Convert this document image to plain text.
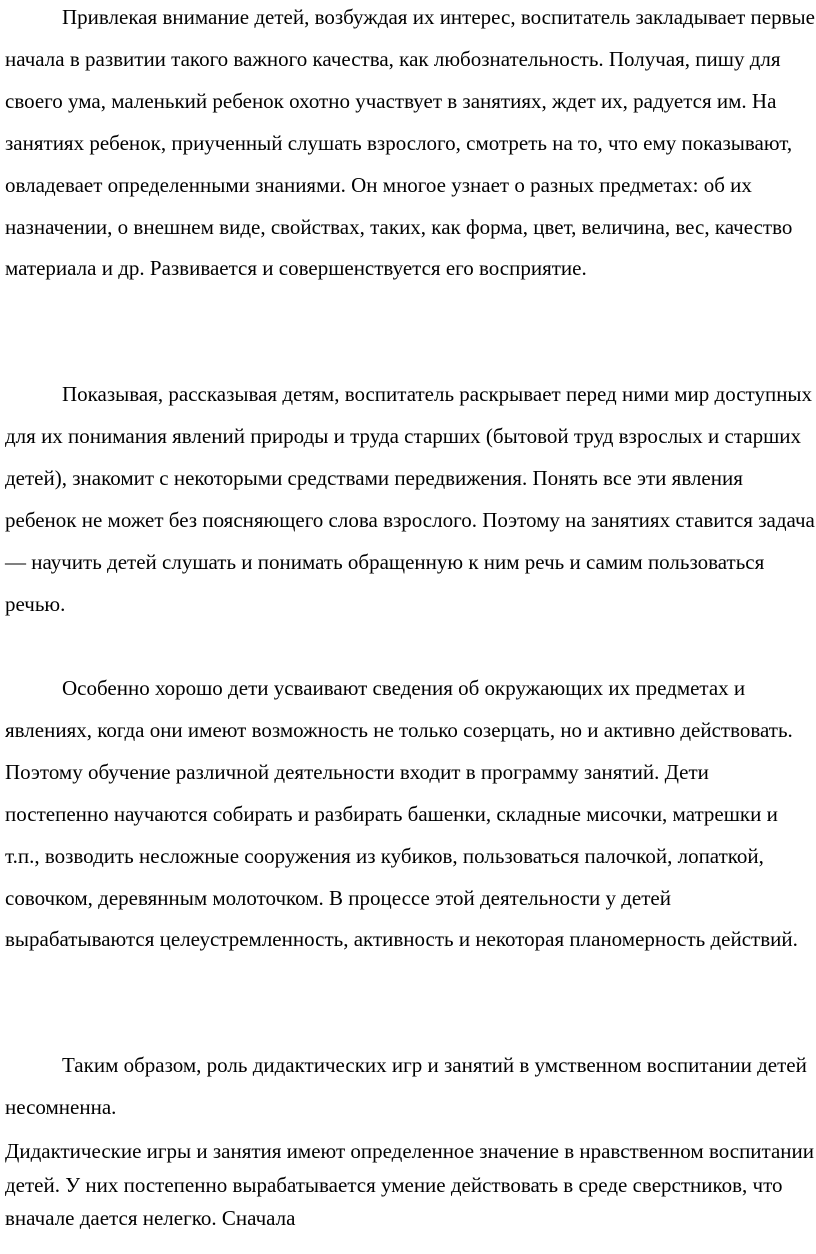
Привлекая внимание детей, возбуждая их интерес, воспитатель закладывает первые начала в развитии такого важного качества, как любознательность. Получая, пишу для своего ума, маленький ребенок охотно участвует в занятиях, ждет их, радуется им. На занятиях ребенок, приученный слушать взрослого, смотреть на то, что ему показывают, овладевает определенными знаниями. Он многое узнает о разных предметах: об их назначении, о внешнем виде, свойствах, таких, как форма, цвет, величина, вес, качество материала и др. Развивается и совершенствуется его восприятие.

Показывая, рассказывая детям, воспитатель раскрывает перед ними мир доступных для их понимания явлений природы и труда старших (бытовой труд взрослых и старших детей), знакомит с некоторыми средствами передвижения. Понять все эти явления ребенок не может без поясняющего слова взрослого. Поэтому на занятиях ставится задача — научить детей слушать и понимать обращенную к ним речь и самим пользоваться речью.

Особенно хорошо дети усваивают сведения об окружающих их предметах и явлениях, когда они имеют возможность не только созерцать, но и активно действовать. Поэтому обучение различной деятельности входит в программу занятий. Дети постепенно научаются собирать и разбирать башенки, складные мисочки, матрешки и т.п., возводить несложные сооружения из кубиков, пользоваться палочкой, лопаткой, совочком, деревянным молоточком. В процессе этой деятельности у детей вырабатываются целеустремленность, активность и некоторая планомерность действий.

Таким образом, роль дидактических игр и занятий в умственном воспитании детей несомненна.

Дидактические игры и занятия имеют определенное значение в нравственном воспитании детей. У них постепенно вырабатывается умение действовать в среде сверстников, что вначале дается нелегко. Сначала
